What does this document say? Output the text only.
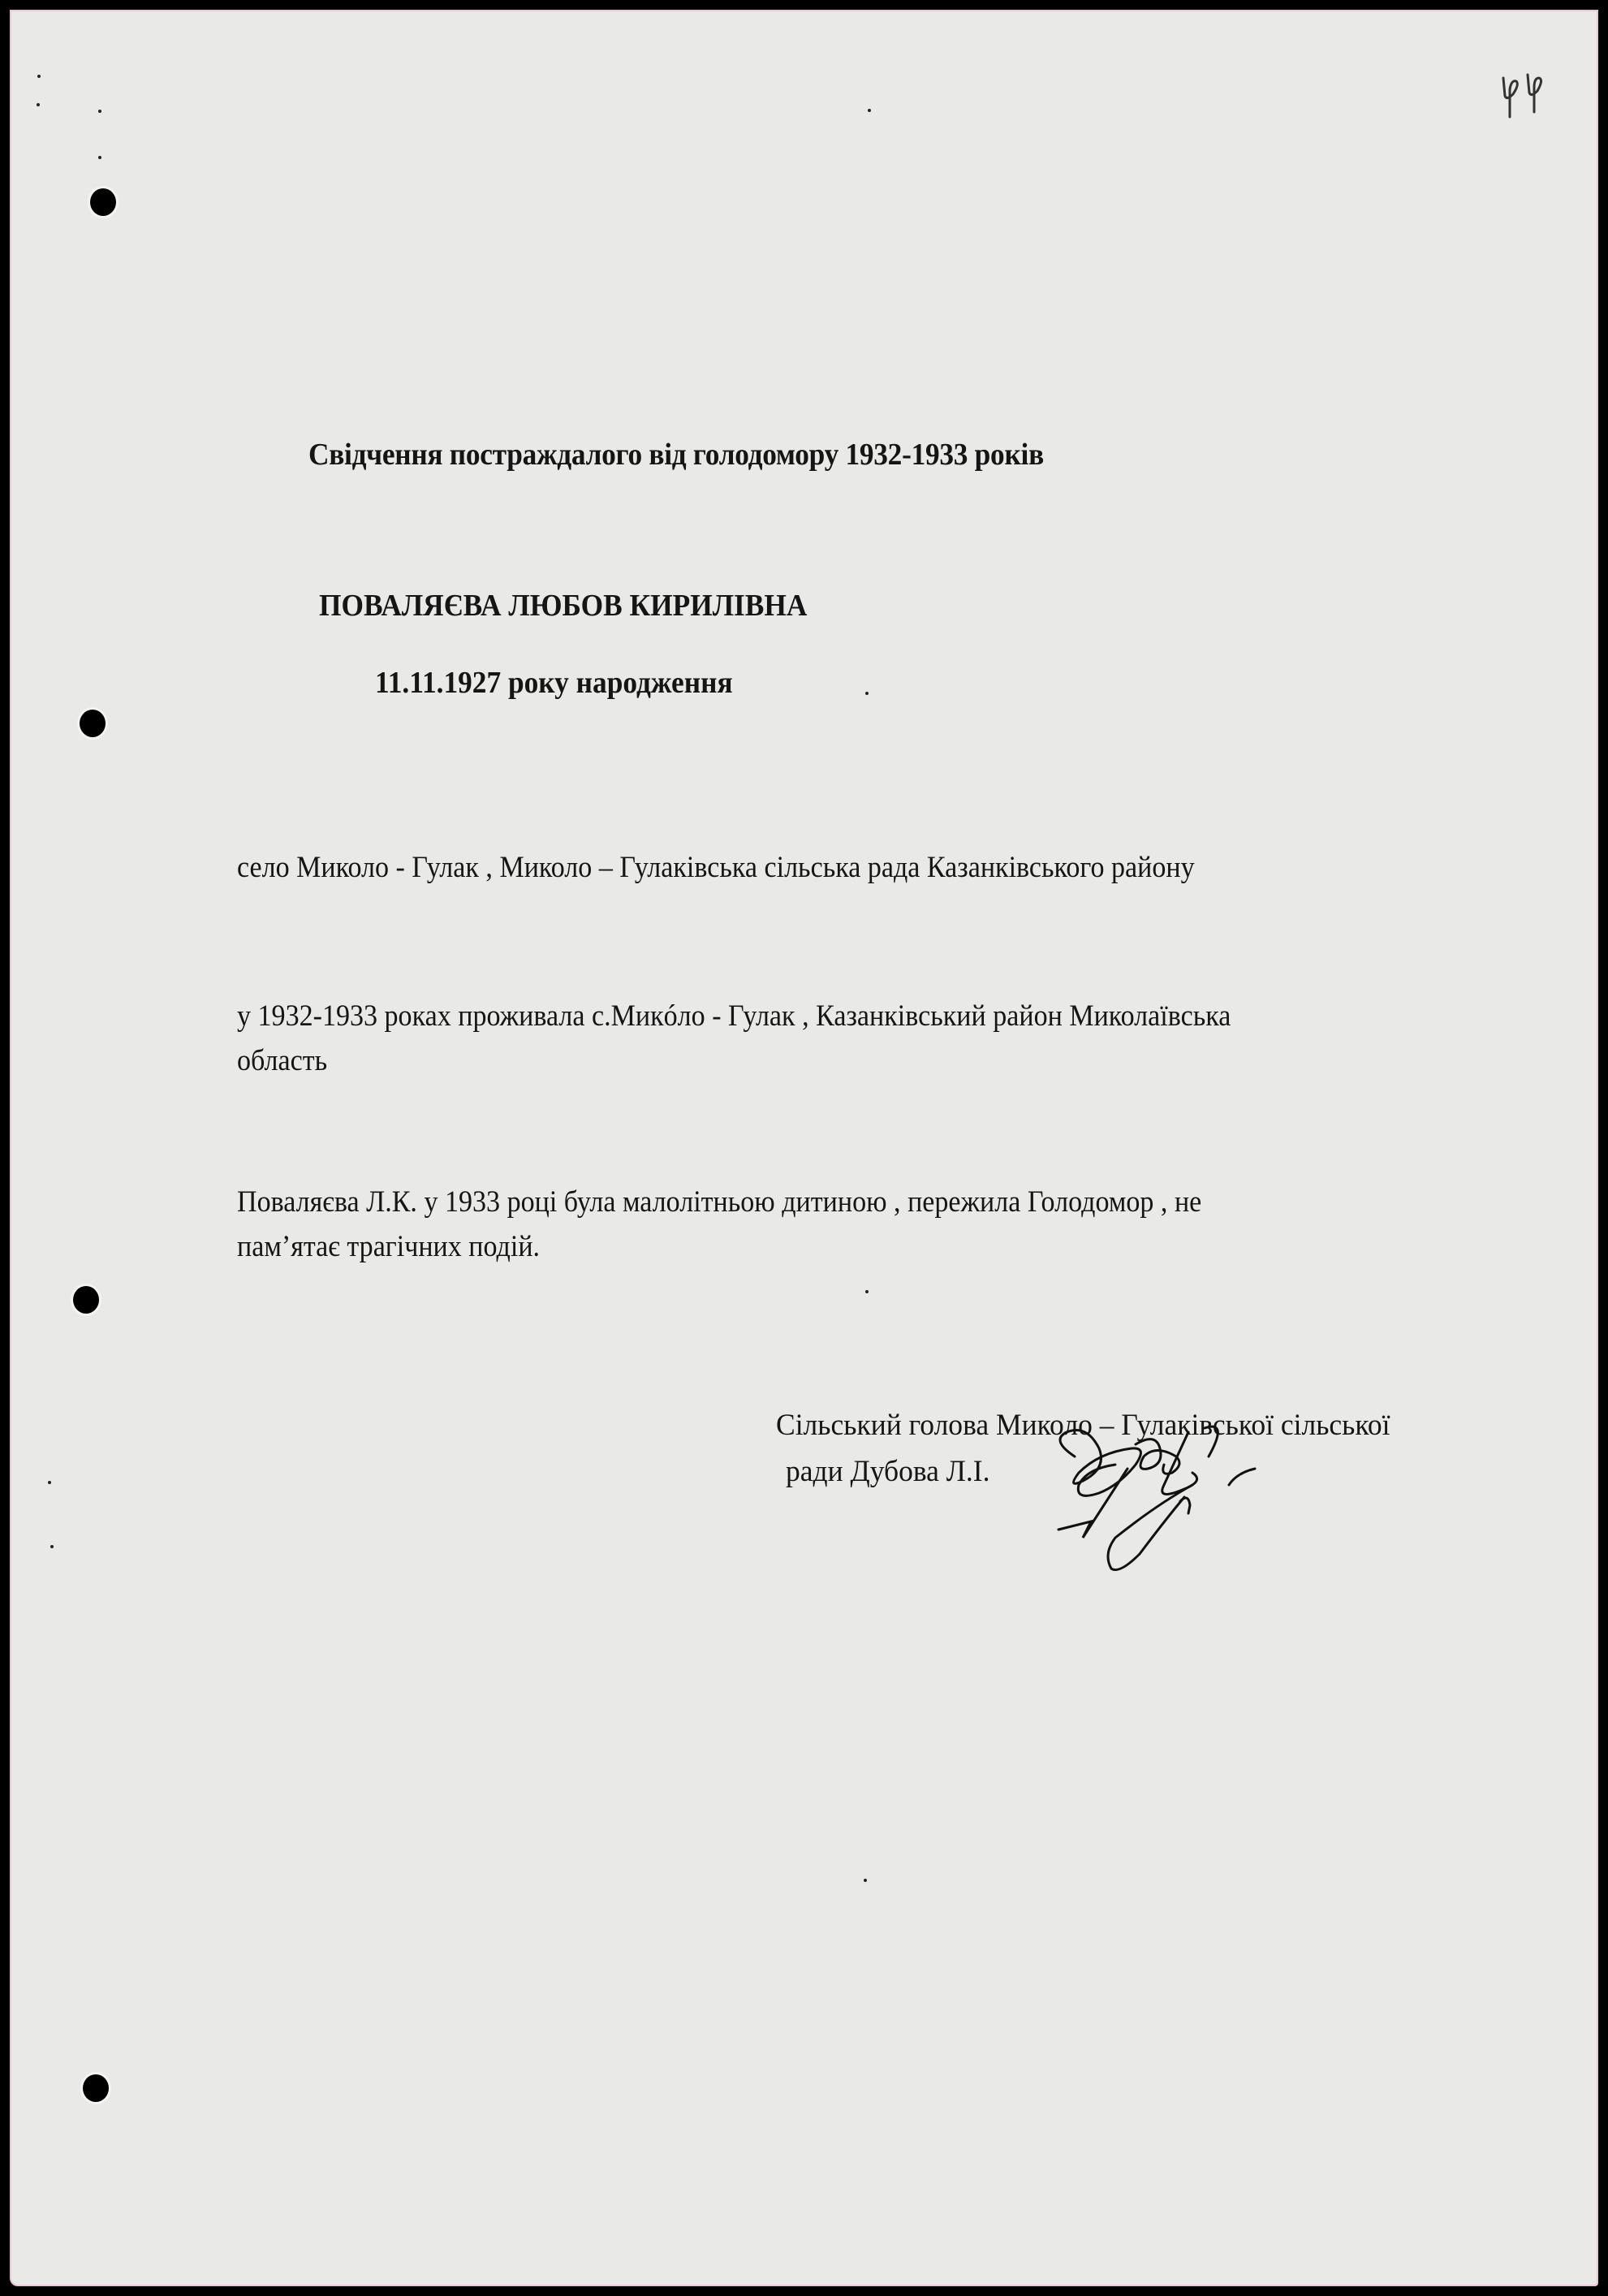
Свідчення постраждалого від голодомору 1932-1933 років
ПОВАЛЯЄВА ЛЮБОВ КИРИЛІВНА
11.11.1927 року народження
село Миколо - Гулак , Миколо – Гулаківська сільська рада Казанківського району
у 1932-1933 роках проживала с.Микóло - Гулак , Казанківський район Миколаївська
область
Поваляєва Л.К. у 1933 році була малолітньою дитиною , пережила Голодомор , не
пам’ятає трагічних подій.
Сільський голова Миколо – Гулаківської сільської
ради Дубова Л.І.
